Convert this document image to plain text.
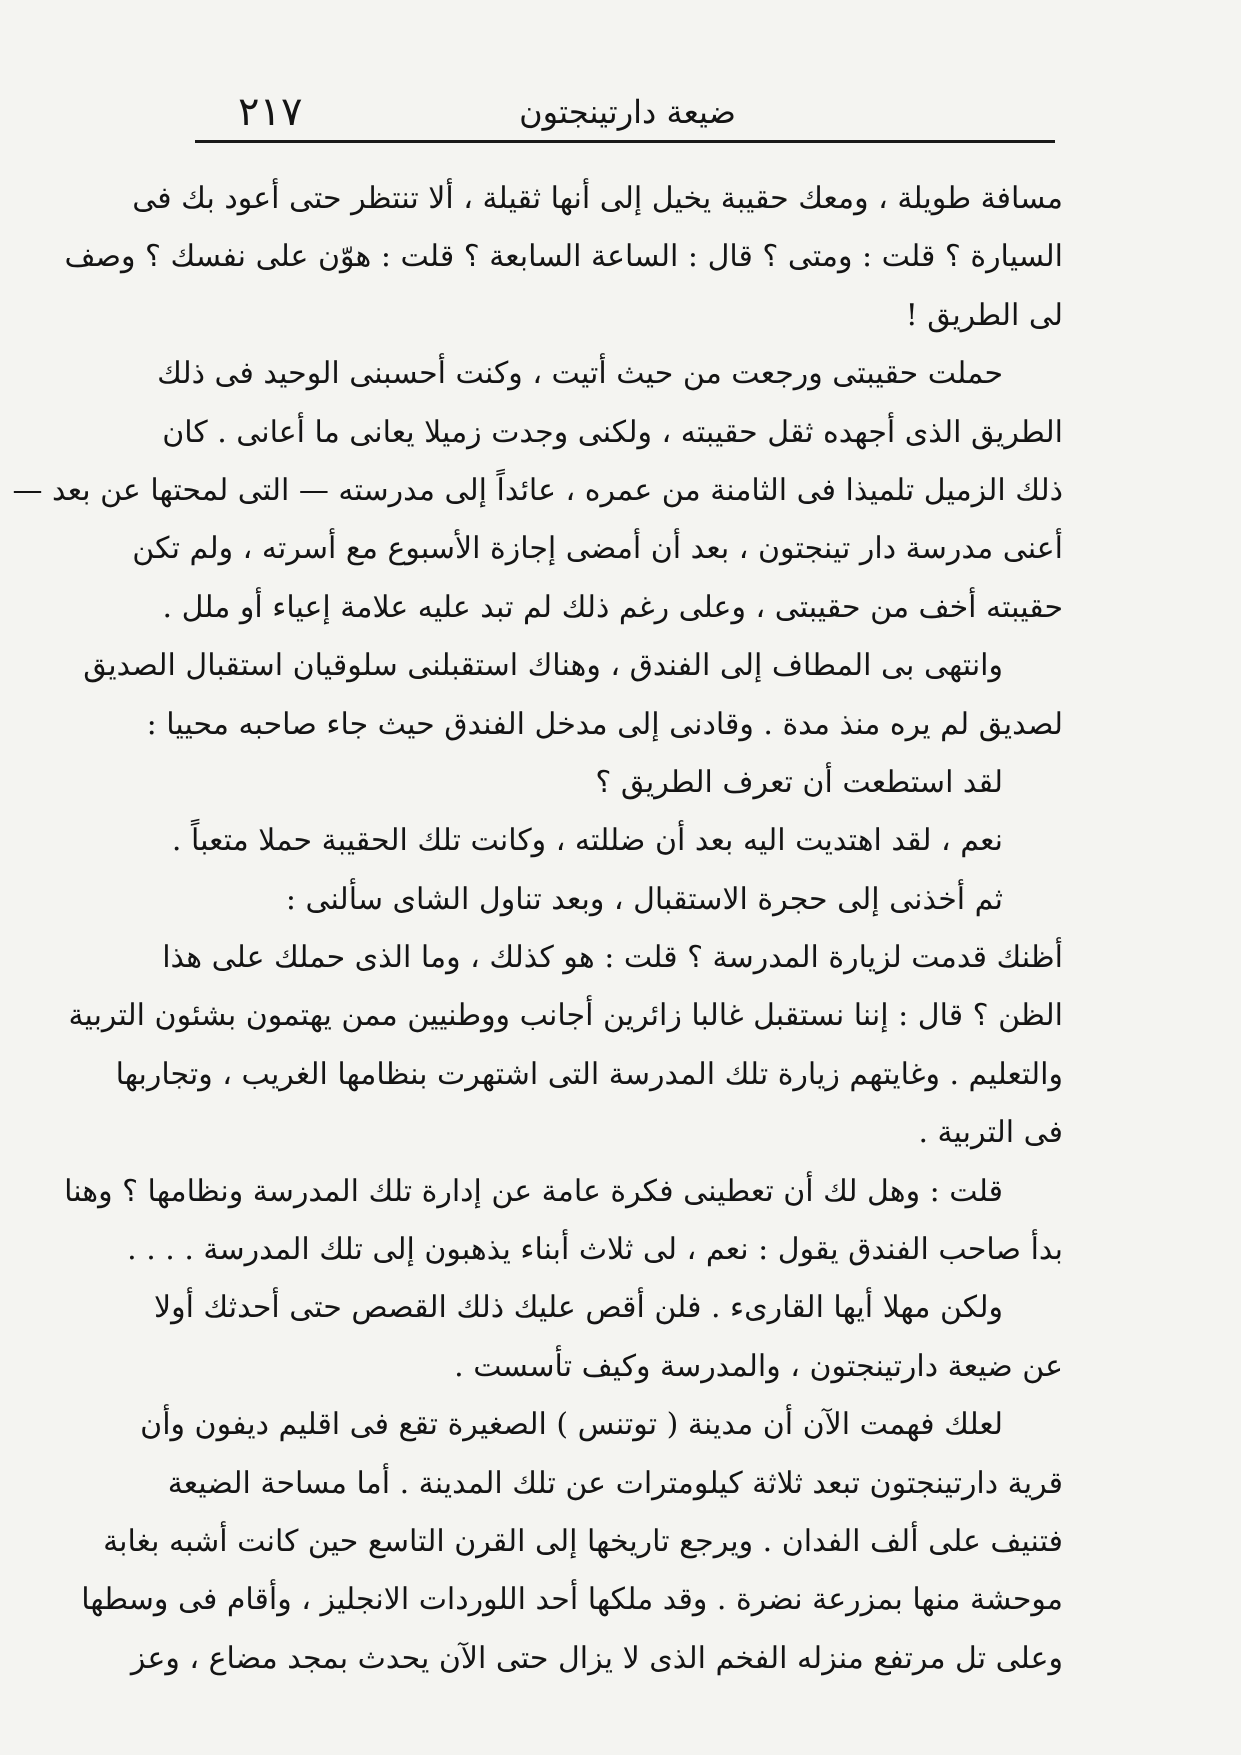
٢١٧	ضيعة دارتينجتون
مسافة طويلة ، ومعك حقيبة يخيل إلى أنها ثقيلة ، ألا تنتظر حتى أعود بك فى
السيارة ؟ قلت : ومتى ؟ قال : الساعة السابعة ؟ قلت : هوّن على نفسك ؟ وصف
لى الطريق !
حملت حقيبتى ورجعت من حيث أتيت ، وكنت أحسبنى الوحيد فى ذلك
الطريق الذى أجهده ثقل حقيبته ، ولكنى وجدت زميلا يعانى ما أعانى . كان
ذلك الزميل تلميذا فى الثامنة من عمره ، عائداً إلى مدرسته — التى لمحتها عن بعد —
أعنى مدرسة دار تينجتون ، بعد أن أمضى إجازة الأسبوع مع أسرته ، ولم تكن
حقيبته أخف من حقيبتى ، وعلى رغم ذلك لم تبد عليه علامة إعياء أو ملل .
وانتهى بى المطاف إلى الفندق ، وهناك استقبلنى سلوقيان استقبال الصديق
لصديق لم يره منذ مدة . وقادنى إلى مدخل الفندق حيث جاء صاحبه محييا :
لقد استطعت أن تعرف الطريق ؟
نعم ، لقد اهتديت اليه بعد أن ضللته ، وكانت تلك الحقيبة حملا متعباً .
ثم أخذنى إلى حجرة الاستقبال ، وبعد تناول الشاى سألنى :
أظنك قدمت لزيارة المدرسة ؟ قلت : هو كذلك ، وما الذى حملك على هذا
الظن ؟ قال : إننا نستقبل غالبا زائرين أجانب ووطنيين ممن يهتمون بشئون التربية
والتعليم . وغايتهم زيارة تلك المدرسة التى اشتهرت بنظامها الغريب ، وتجاربها
فى التربية .
قلت : وهل لك أن تعطينى فكرة عامة عن إدارة تلك المدرسة ونظامها ؟ وهنا
بدأ صاحب الفندق يقول : نعم ، لى ثلاث أبناء يذهبون إلى تلك المدرسة . . . .
ولكن مهلا أيها القارىء . فلن أقص عليك ذلك القصص حتى أحدثك أولا
عن ضيعة دارتينجتون ، والمدرسة وكيف تأسست .
لعلك فهمت الآن أن مدينة ( توتنس ) الصغيرة تقع فى اقليم ديفون وأن
قرية دارتينجتون تبعد ثلاثة كيلومترات عن تلك المدينة . أما مساحة الضيعة
فتنيف على ألف الفدان . ويرجع تاريخها إلى القرن التاسع حين كانت أشبه بغابة
موحشة منها بمزرعة نضرة . وقد ملكها أحد اللوردات الانجليز ، وأقام فى وسطها
وعلى تل مرتفع منزله الفخم الذى لا يزال حتى الآن يحدث بمجد مضاع ، وعز
